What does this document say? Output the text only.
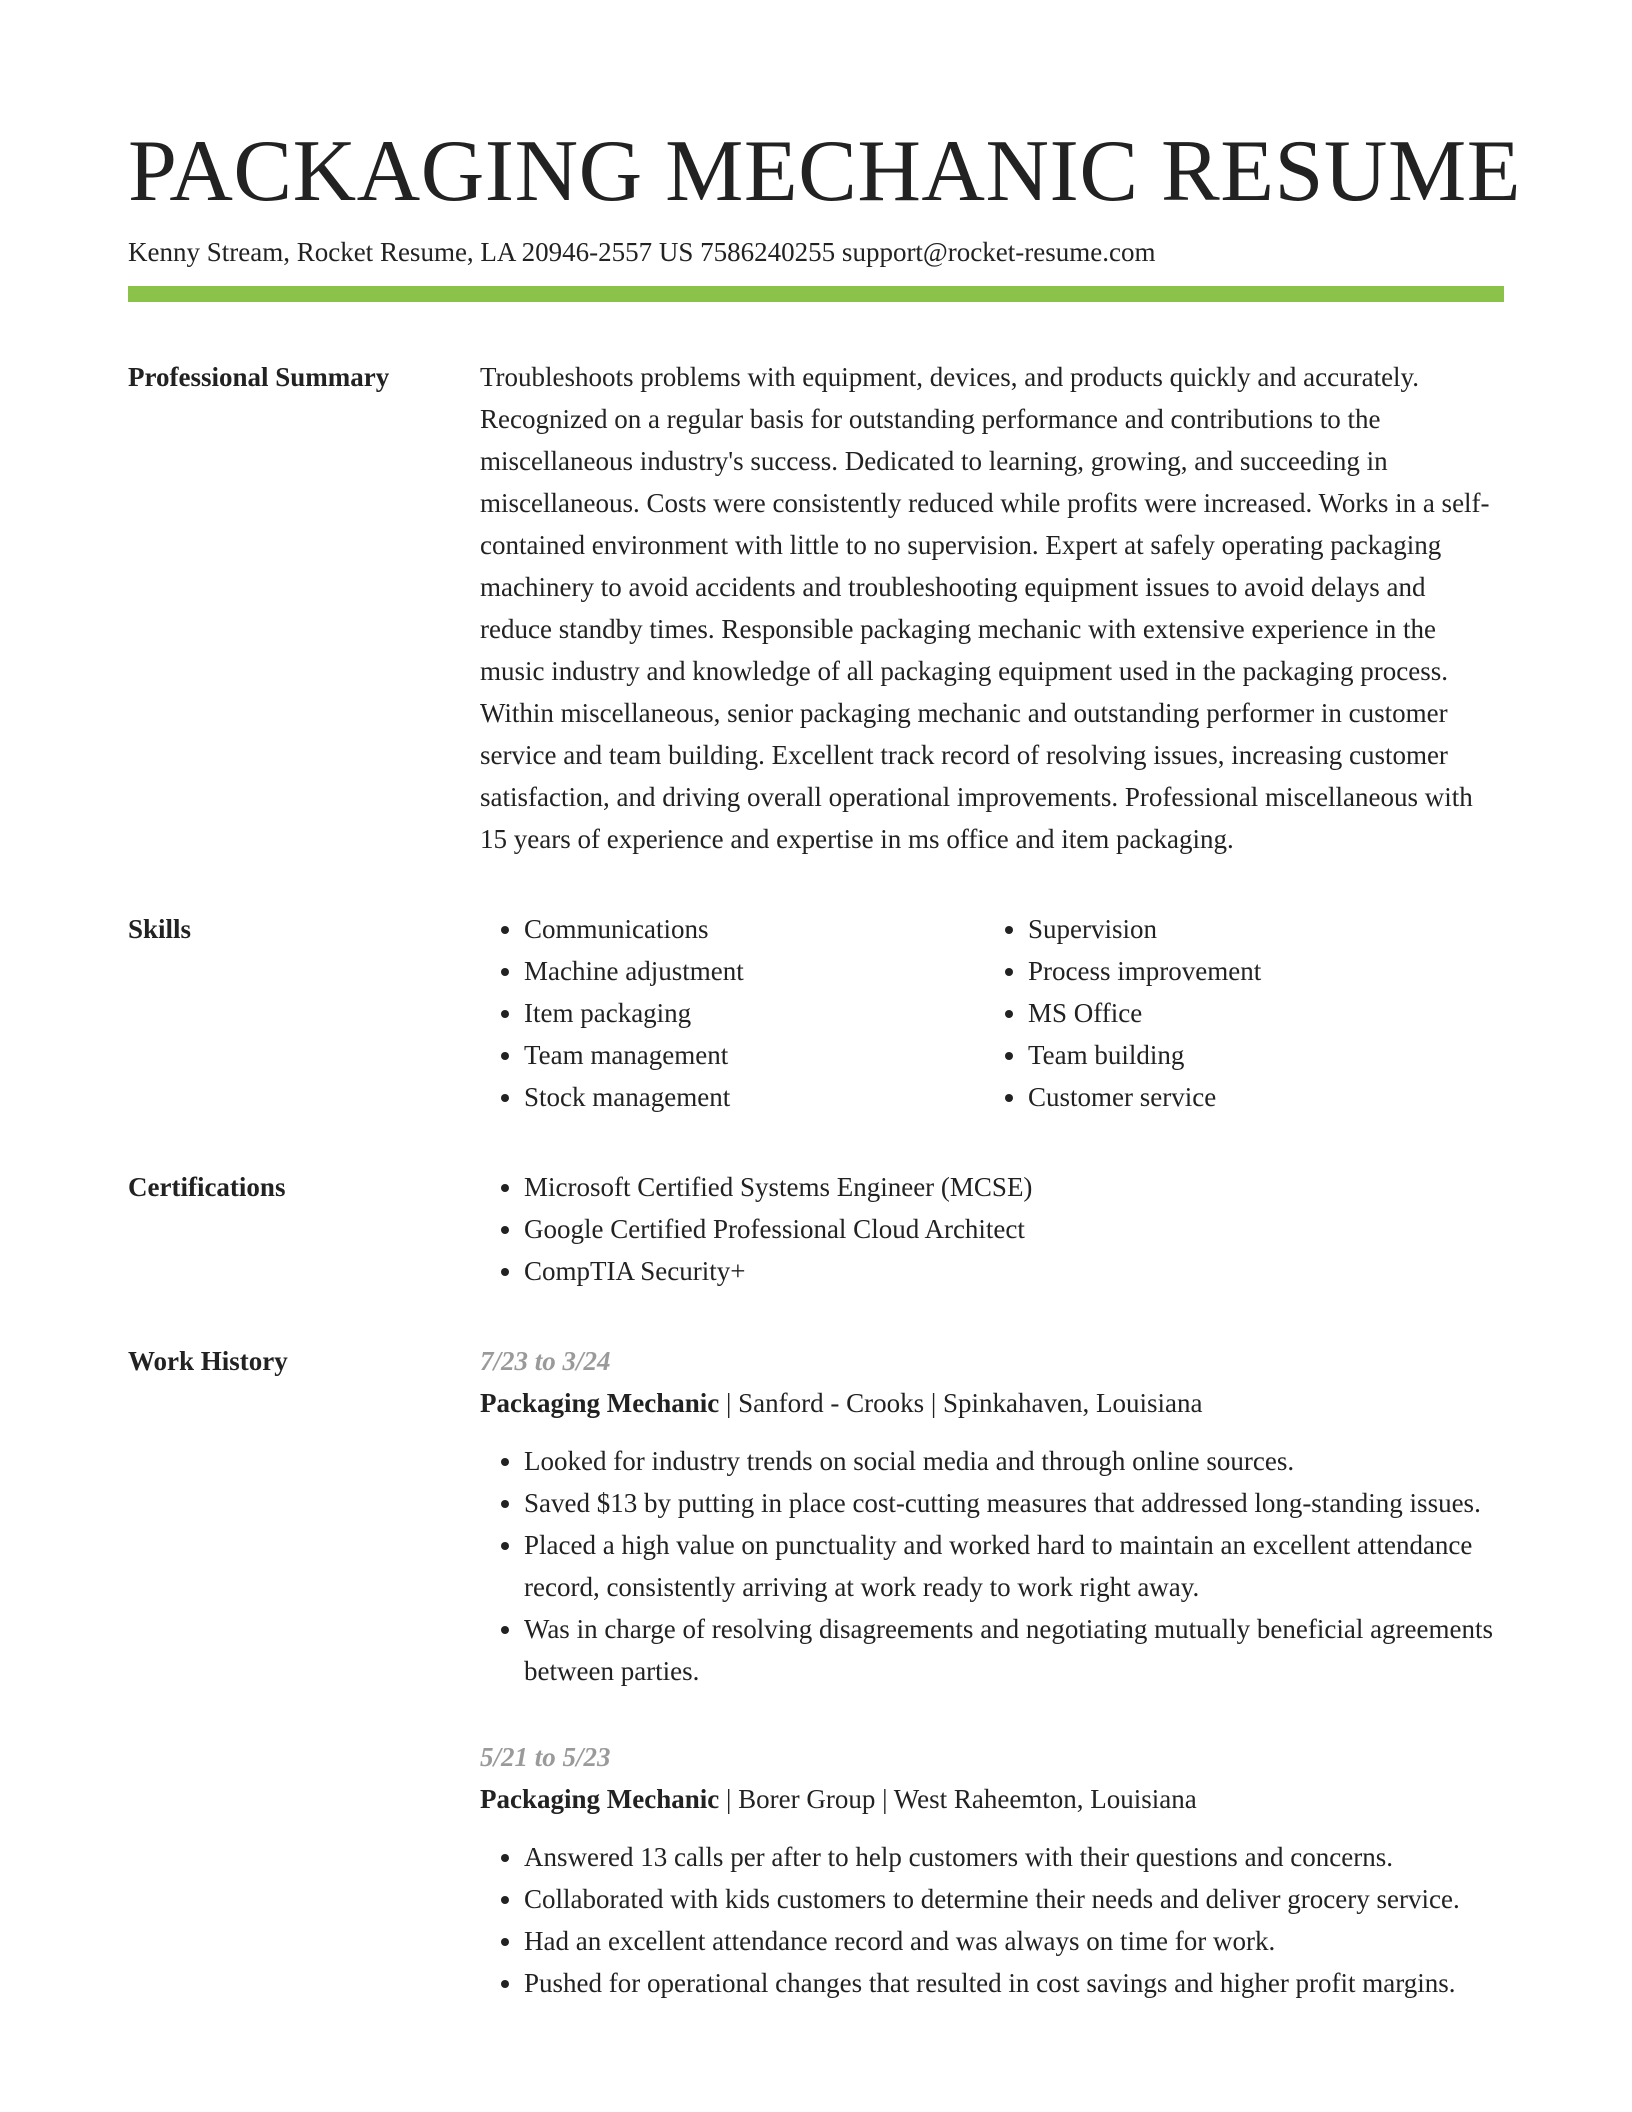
PACKAGING MECHANIC RESUME
Kenny Stream, Rocket Resume, LA 20946-2557 US 7586240255 support@rocket-resume.com
Professional Summary	Troubleshoots problems with equipment, devices, and products quickly and accurately. Recognized on a regular basis for outstanding performance and contributions to the miscellaneous industry's success. Dedicated to learning, growing, and succeeding in miscellaneous. Costs were consistently reduced while profits were increased. Works in a self-contained environment with little to no supervision. Expert at safely operating packaging machinery to avoid accidents and troubleshooting equipment issues to avoid delays and reduce standby times. Responsible packaging mechanic with extensive experience in the music industry and knowledge of all packaging equipment used in the packaging process. Within miscellaneous, senior packaging mechanic and outstanding performer in customer service and team building. Excellent track record of resolving issues, increasing customer satisfaction, and driving overall operational improvements. Professional miscellaneous with 15 years of experience and expertise in ms office and item packaging.

Skills	• Communications
• Machine adjustment
• Item packaging
• Team management
• Stock management
• Supervision
• Process improvement
• MS Office
• Team building
• Customer service
Certifications	• Microsoft Certified Systems Engineer (MCSE)
• Google Certified Professional Cloud Architect
• CompTIA Security+
Work History	7/23 to 3/24
Packaging Mechanic | Sanford - Crooks | Spinkahaven, Louisiana
• Looked for industry trends on social media and through online sources.
• Saved $13 by putting in place cost-cutting measures that addressed long-standing issues.
• Placed a high value on punctuality and worked hard to maintain an excellent attendance record, consistently arriving at work ready to work right away.
• Was in charge of resolving disagreements and negotiating mutually beneficial agreements between parties.
5/21 to 5/23
Packaging Mechanic | Borer Group | West Raheemton, Louisiana
• Answered 13 calls per after to help customers with their questions and concerns.
• Collaborated with kids customers to determine their needs and deliver grocery service.
• Had an excellent attendance record and was always on time for work.
• Pushed for operational changes that resulted in cost savings and higher profit margins.
